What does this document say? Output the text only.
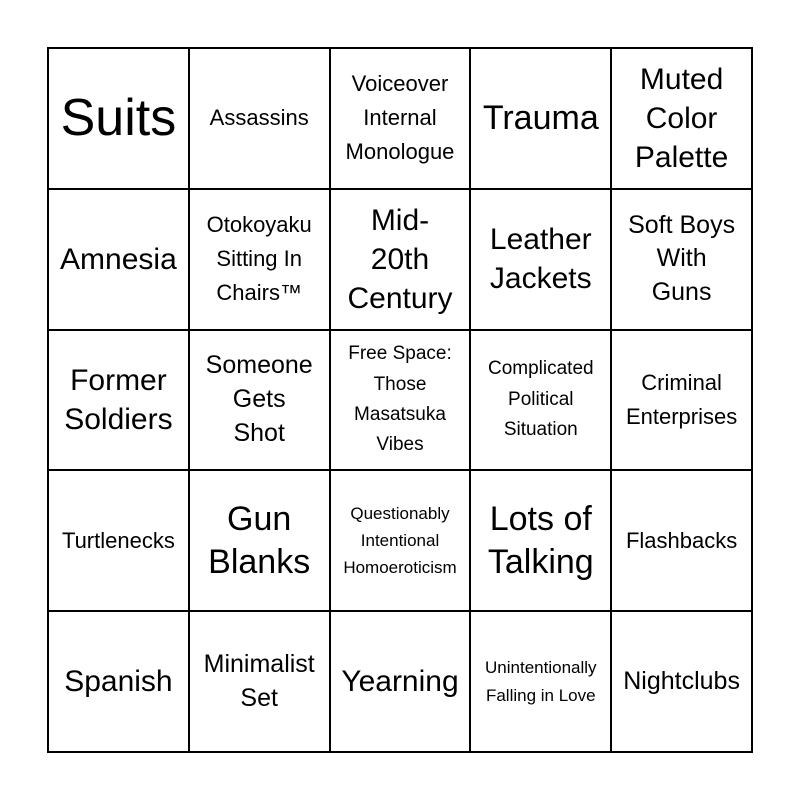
Suits	Assassins
Voiceover
Internal
Monologue
Trauma
Muted
Color
Palette
Amnesia
Otokoyaku
Sitting In
Chairs™
Mid-
20th
Century
Leather
Jackets
Soft Boys
With
Guns
Former
Soldiers
Someone
Gets
Shot
Free Space:
Those
Masatsuka
Vibes
Complicated
Political
Situation
Criminal
Enterprises
Turtlenecks
Gun
Blanks
Questionably
Intentional
Homoeroticism
Lots of
Talking
Flashbacks
Spanish
Minimalist
Set	Yearning	Unintentionally
Falling in Love
Nightclubs
